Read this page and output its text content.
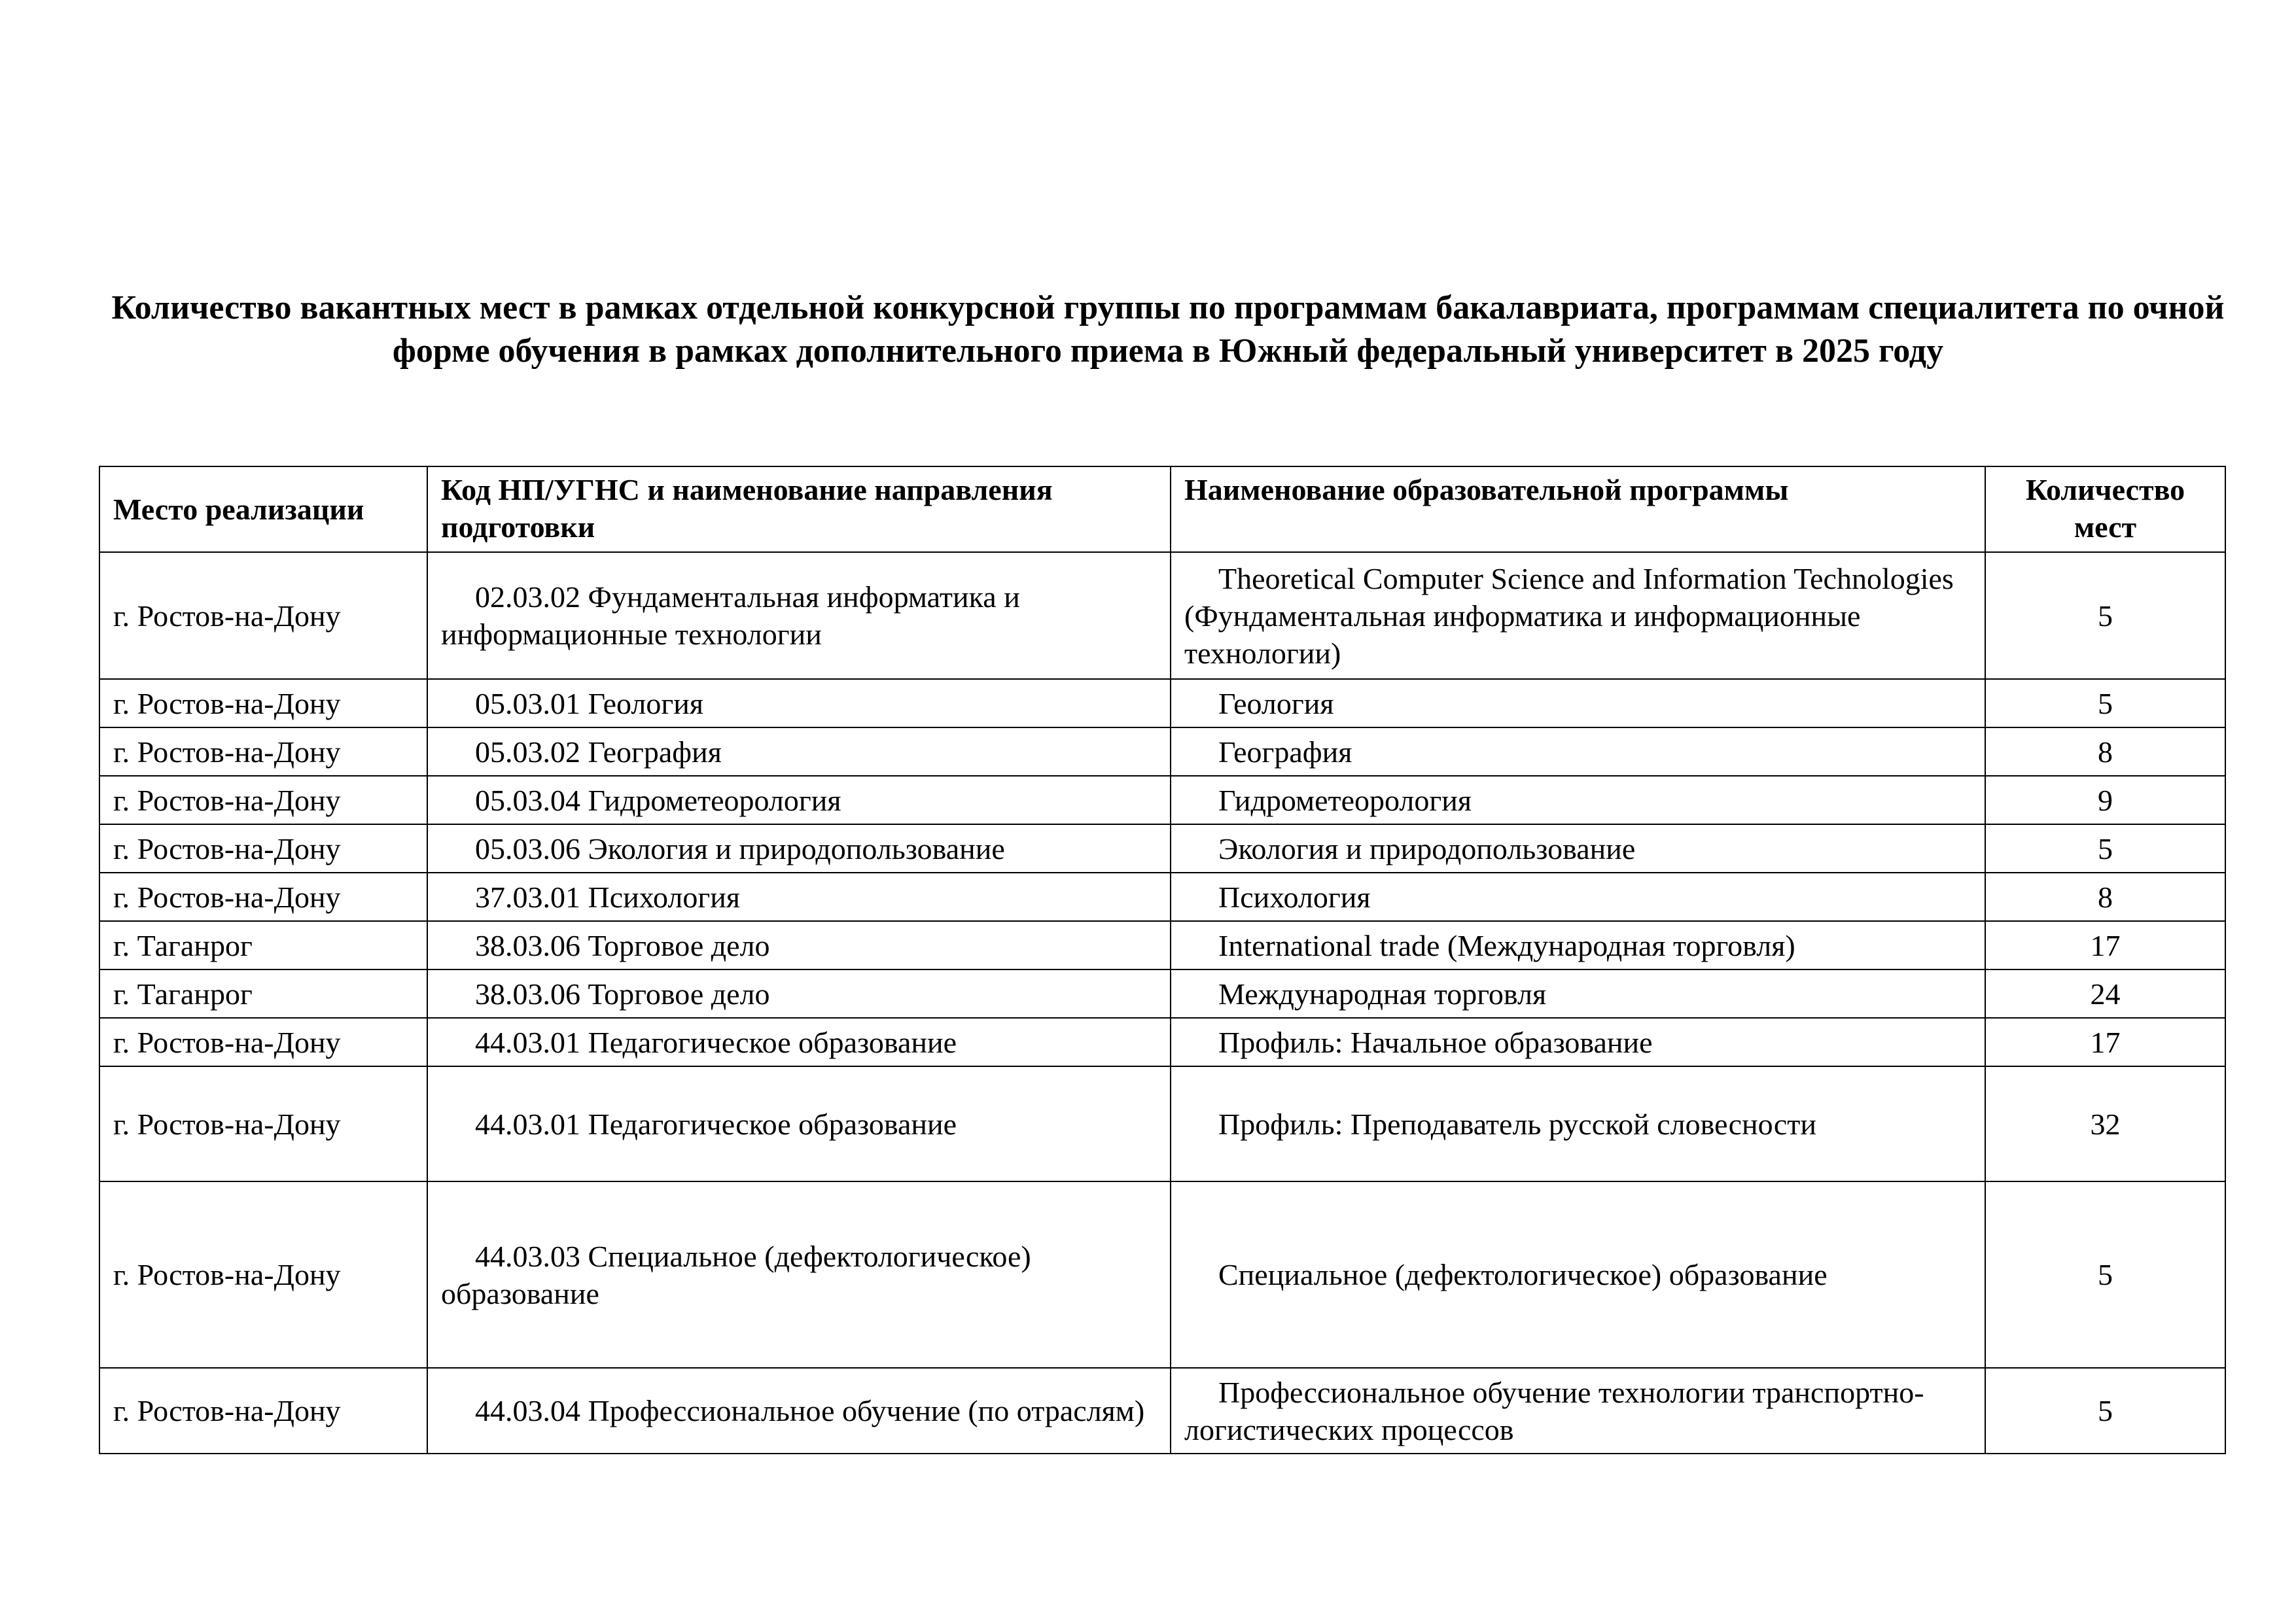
Количество вакантных мест в рамках отдельной конкурсной группы по программам бакалавриата, программам специалитета по очной форме обучения в рамках дополнительного приема в Южный федеральный университет в 2025 году
Место реализации	Код НП/УГНС и наименование направления подготовки	Наименование образовательной программы	Количество мест
г. Ростов-на-Дону	02.03.02 Фундаментальная информатика и информационные технологии	Theoretical Computer Science and Information Technologies (Фундаментальная информатика и информационные технологии)	5
г. Ростов-на-Дону	05.03.01 Геология	Геология	5
г. Ростов-на-Дону	05.03.02 География	География	8
г. Ростов-на-Дону	05.03.04 Гидрометеорология	Гидрометеорология	9
г. Ростов-на-Дону	05.03.06 Экология и природопользование	Экология и природопользование	5
г. Ростов-на-Дону	37.03.01 Психология	Психология	8
г. Таганрог	38.03.06 Торговое дело	International trade (Международная торговля)	17
г. Таганрог	38.03.06 Торговое дело	Международная торговля	24
г. Ростов-на-Дону	44.03.01 Педагогическое образование	Профиль: Начальное образование	17
г. Ростов-на-Дону	44.03.01 Педагогическое образование	Профиль: Преподаватель русской словесности	32
г. Ростов-на-Дону	44.03.03 Специальное (дефектологическое) образование	Специальное (дефектологическое) образование	5
г. Ростов-на-Дону	44.03.04 Профессиональное обучение (по отраслям)	Профессиональное обучение технологии транспортно-логистических процессов	5
